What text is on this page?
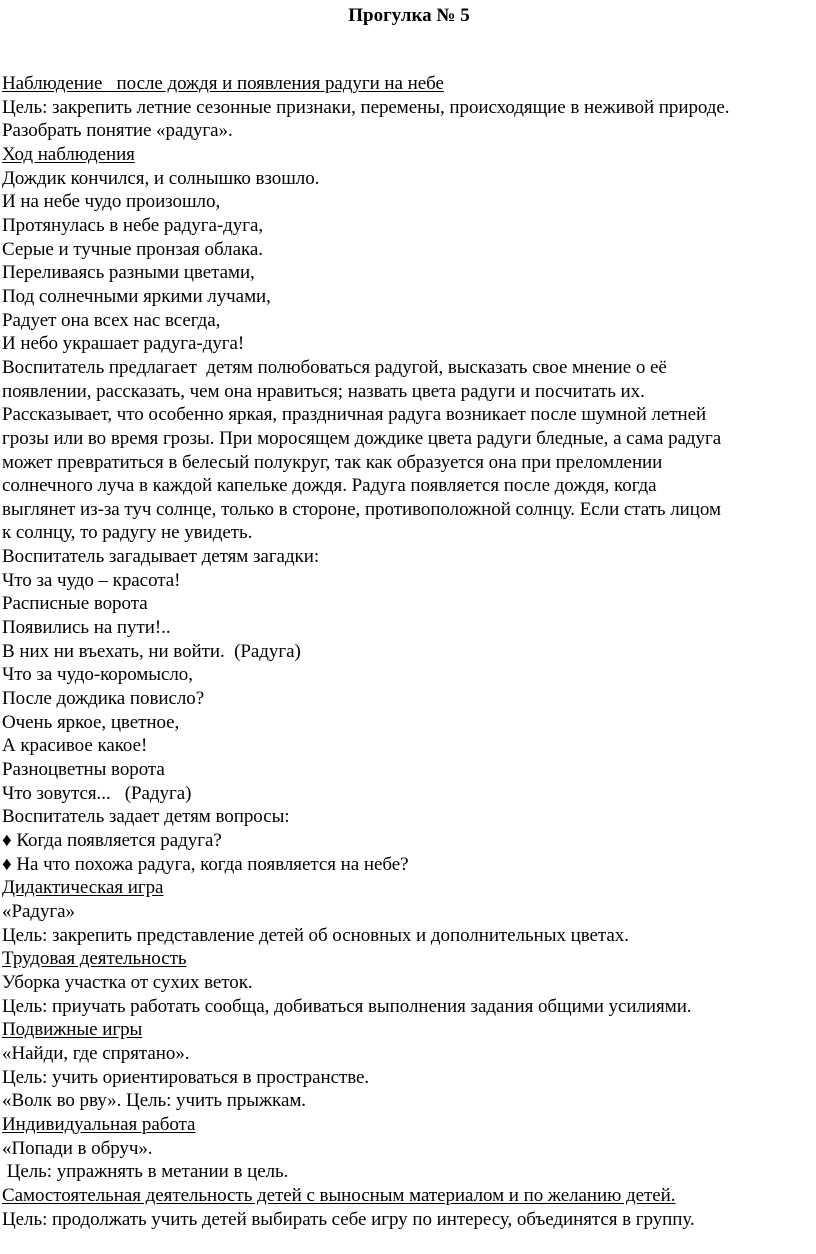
Прогулка № 5
Наблюдение   после дождя и появления радуги на небе
Цель: закрепить летние сезонные признаки, перемены, происходящие в неживой природе.
Разобрать понятие «радуга».
Ход наблюдения
Дождик кончился, и солнышко взошло.
И на небе чудо произошло,
Протянулась в небе радуга-дуга,
Серые и тучные пронзая облака.
Переливаясь разными цветами,
Под солнечными яркими лучами,
Радует она всех нас всегда,
И небо украшает радуга-дуга!
Воспитатель предлагает  детям полюбоваться радугой, высказать свое мнение о её
появлении, рассказать, чем она нравиться; назвать цвета радуги и посчитать их.
Рассказывает, что особенно яркая, праздничная радуга возникает после шумной летней
грозы или во время грозы. При моросящем дождике цвета радуги бледные, а сама радуга
может превратиться в белесый полукруг, так как образуется она при преломлении
солнечного луча в каждой капельке дождя. Радуга появляется после дождя, когда
выглянет из-за туч солнце, только в стороне, противоположной солнцу. Если стать лицом
к солнцу, то радугу не увидеть.
Воспитатель загадывает детям загадки:
Что за чудо – красота!
Расписные ворота
Появились на пути!..
В них ни въехать, ни войти.  (Радуга)
Что за чудо-коромысло,
После дождика повисло?
Очень яркое, цветное,
А красивое какое!
Разноцветны ворота
Что зовутся...   (Радуга)
Воспитатель задает детям вопросы:
♦ Когда появляется радуга?
♦ На что похожа радуга, когда появляется на небе?
Дидактическая игра
«Радуга»
Цель: закрепить представление детей об основных и дополнительных цветах.
Трудовая деятельность
Уборка участка от сухих веток.
Цель: приучать работать сообща, добиваться выполнения задания общими усилиями.
Подвижные игры
«Найди, где спрятано».
Цель: учить ориентироваться в пространстве.
«Волк во рву». Цель: учить прыжкам.
Индивидуальная работа
«Попади в обруч».
Цель: упражнять в метании в цель.
Самостоятельная деятельность детей с выносным материалом и по желанию детей.
Цель: продолжать учить детей выбирать себе игру по интересу, объединятся в группу.
